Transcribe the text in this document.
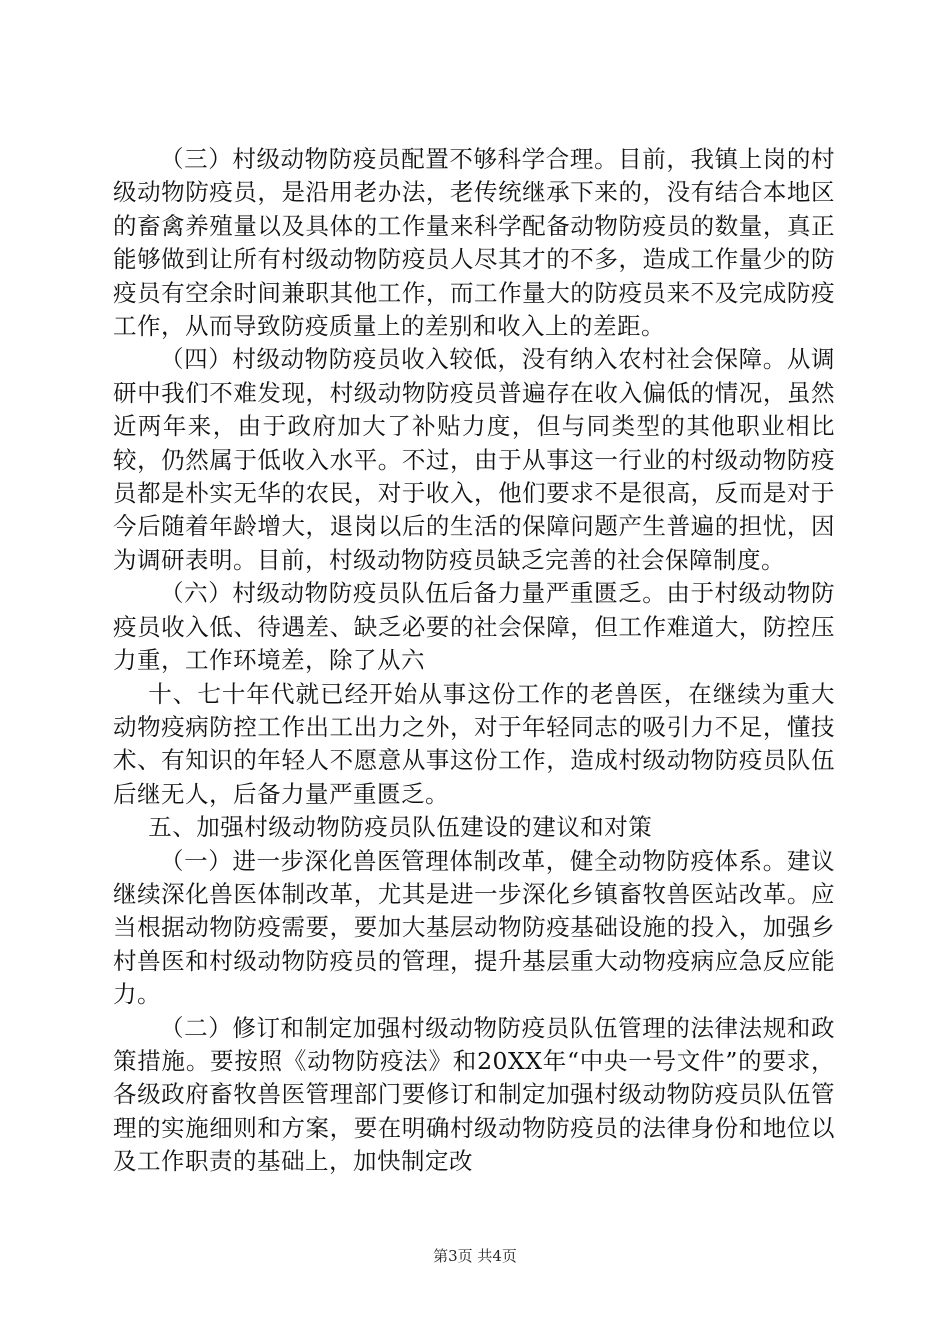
（三）村级动物防疫员配置不够科学合理。目前，我镇上岗的村级动物防疫员，是沿用老办法，老传统继承下来的，没有结合本地区的畜禽养殖量以及具体的工作量来科学配备动物防疫员的数量，真正能够做到让所有村级动物防疫员人尽其才的不多，造成工作量少的防疫员有空余时间兼职其他工作，而工作量大的防疫员来不及完成防疫工作，从而导致防疫质量上的差别和收入上的差距。

（四）村级动物防疫员收入较低，没有纳入农村社会保障。从调研中我们不难发现，村级动物防疫员普遍存在收入偏低的情况，虽然近两年来，由于政府加大了补贴力度，但与同类型的其他职业相比较，仍然属于低收入水平。不过，由于从事这一行业的村级动物防疫员都是朴实无华的农民，对于收入，他们要求不是很高，反而是对于今后随着年龄增大，退岗以后的生活的保障问题产生普遍的担忧，因为调研表明。目前，村级动物防疫员缺乏完善的社会保障制度。

（六）村级动物防疫员队伍后备力量严重匮乏。由于村级动物防疫员收入低、待遇差、缺乏必要的社会保障，但工作难道大，防控压力重，工作环境差，除了从六

十、七十年代就已经开始从事这份工作的老兽医，在继续为重大动物疫病防控工作出工出力之外，对于年轻同志的吸引力不足，懂技术、有知识的年轻人不愿意从事这份工作，造成村级动物防疫员队伍后继无人，后备力量严重匮乏。

五、加强村级动物防疫员队伍建设的建议和对策

（一）进一步深化兽医管理体制改革，健全动物防疫体系。建议继续深化兽医体制改革，尤其是进一步深化乡镇畜牧兽医站改革。应当根据动物防疫需要，要加大基层动物防疫基础设施的投入，加强乡村兽医和村级动物防疫员的管理，提升基层重大动物疫病应急反应能力。

（二）修订和制定加强村级动物防疫员队伍管理的法律法规和政策措施。要按照《动物防疫法》和20XX年“中央一号文件”的要求，各级政府畜牧兽医管理部门要修订和制定加强村级动物防疫员队伍管理的实施细则和方案，要在明确村级动物防疫员的法律身份和地位以及工作职责的基础上，加快制定改

第3页 共4页
